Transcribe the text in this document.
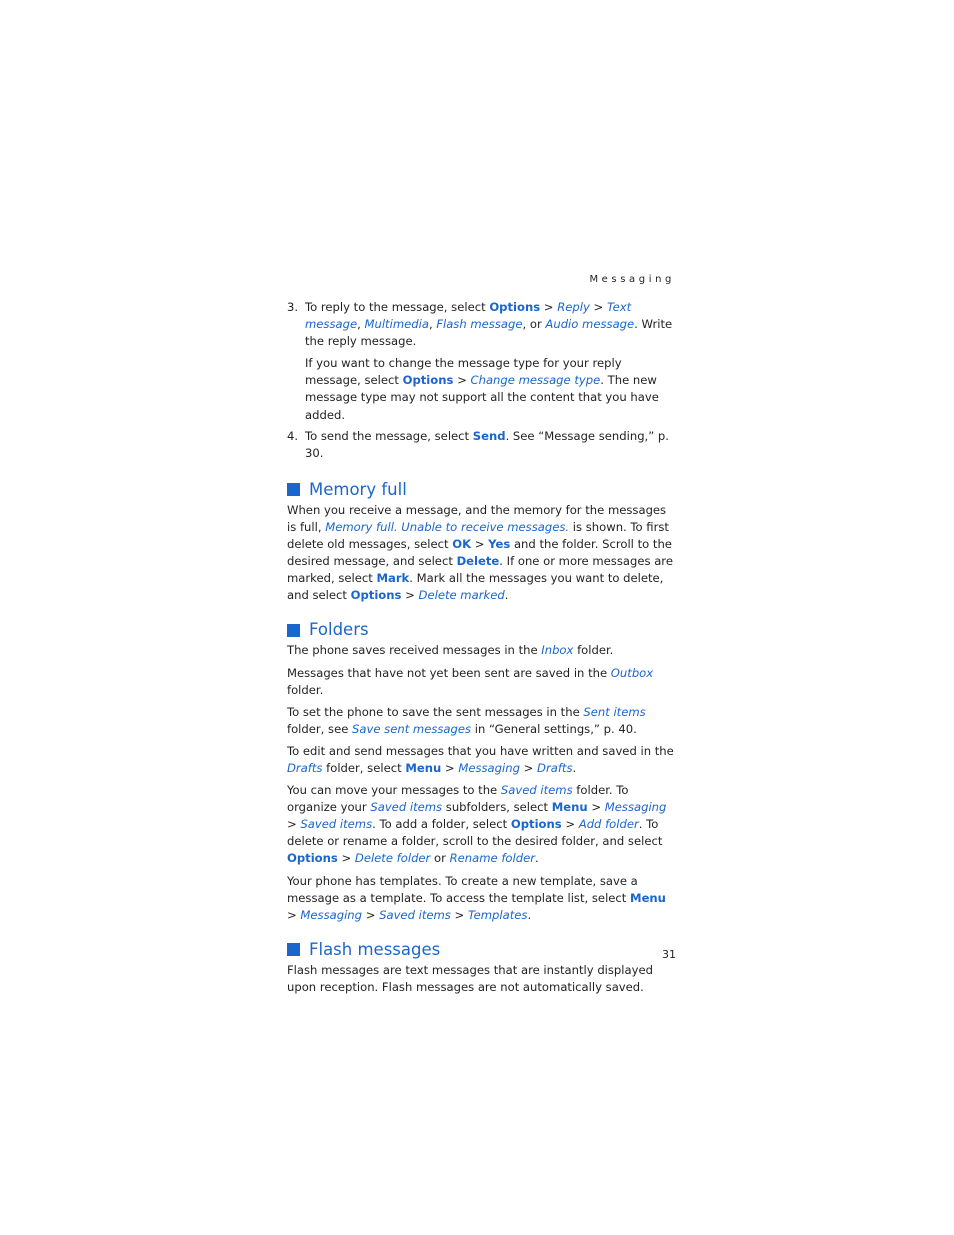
Messaging
3. To reply to the message, select Options > Reply > Text message, Multimedia, Flash message, or Audio message. Write the reply message.

If you want to change the message type for your reply message, select Options > Change message type. The new message type may not support all the content that you have added.

4. To send the message, select Send. See “Message sending,” p. 30.

Memory full

When you receive a message, and the memory for the messages is full, Memory full. Unable to receive messages. is shown. To first delete old messages, select OK > Yes and the folder. Scroll to the desired message, and select Delete. If one or more messages are marked, select Mark. Mark all the messages you want to delete, and select Options > Delete marked.

Folders

The phone saves received messages in the Inbox folder.

Messages that have not yet been sent are saved in the Outbox folder.

To set the phone to save the sent messages in the Sent items folder, see Save sent messages in “General settings,” p. 40.

To edit and send messages that you have written and saved in the Drafts folder, select Menu > Messaging > Drafts.

You can move your messages to the Saved items folder. To organize your Saved items subfolders, select Menu > Messaging > Saved items. To add a folder, select Options > Add folder. To delete or rename a folder, scroll to the desired folder, and select Options > Delete folder or Rename folder.

Your phone has templates. To create a new template, save a message as a template. To access the template list, select Menu > Messaging > Saved items > Templates.

Flash messages

Flash messages are text messages that are instantly displayed upon reception. Flash messages are not automatically saved.

31
